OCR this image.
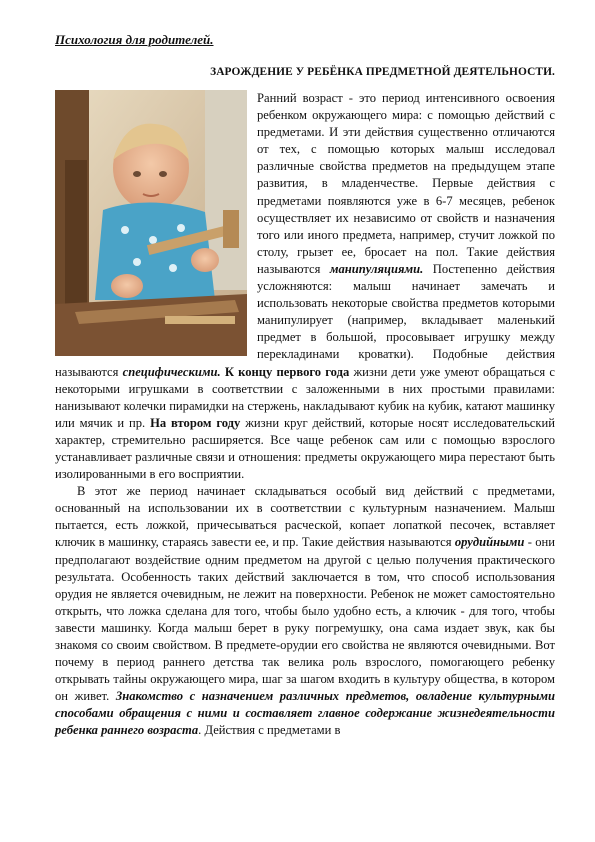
Психология для родителей.
ЗАРОЖДЕНИЕ У РЕБЁНКА ПРЕДМЕТНОЙ ДЕЯТЕЛЬНОСТИ.

Ранний возраст - это период интенсивного освоения ребенком окружающего мира: с помощью действий с предметами. И эти действия существенно отличаются от тех, с помощью которых малыш исследовал различные свойства предметов на предыдущем этапе развития, в младенчестве. Первые действия с предметами появляются уже в 6-7 месяцев, ребенок осуществляет их независимо от свойств и назначения того или иного предмета, например, стучит ложкой по столу, грызет ее, бросает на пол. Такие действия называются манипуляциями. Постепенно действия усложняются: малыш начинает замечать и использовать некоторые свойства предметов которыми манипулирует (например, вкладывает маленький предмет в большой, просовывает игрушку между перекладинами кроватки). Подобные действия называются специфическими. К концу первого года жизни дети уже умеют обращаться с некоторыми игрушками в соответствии с заложенными в них простыми правилами: нанизывают колечки пирамидки на стержень, накладывают кубик на кубик, катают машинку или мячик и пр. На втором году жизни круг действий, которые носят исследовательский характер, стремительно расширяется. Все чаще ребенок сам или с помощью взрослого устанавливает различные связи и отношения: предметы окружающего мира перестают быть изолированными в его восприятии.

В этот же период начинает складываться особый вид действий с предметами, основанный на использовании их в соответствии с культурным назначением. Малыш пытается, есть ложкой, причесываться расческой, копает лопаткой песочек, вставляет ключик в машинку, стараясь завести ее, и пр. Такие действия называются орудийными - они предполагают воздействие одним предметом на другой с целью получения практического результата. Особенность таких действий заключается в том, что способ использования орудия не является очевидным, не лежит на поверхности. Ребенок не может самостоятельно открыть, что ложка сделана для того, чтобы было удобно есть, а ключик - для того, чтобы завести машинку. Когда малыш берет в руку погремушку, она сама издает звук, как бы знакомя со своим свойством. В предмете-орудии его свойства не являются очевидными. Вот почему в период раннего детства так велика роль взрослого, помогающего ребенку открывать тайны окружающего мира, шаг за шагом входить в культуру общества, в котором он живет. Знакомство с назначением различных предметов, овладение культурными способами обращения с ними и составляет главное содержание жизнедеятельности ребенка раннего возраста. Действия с предметами в
